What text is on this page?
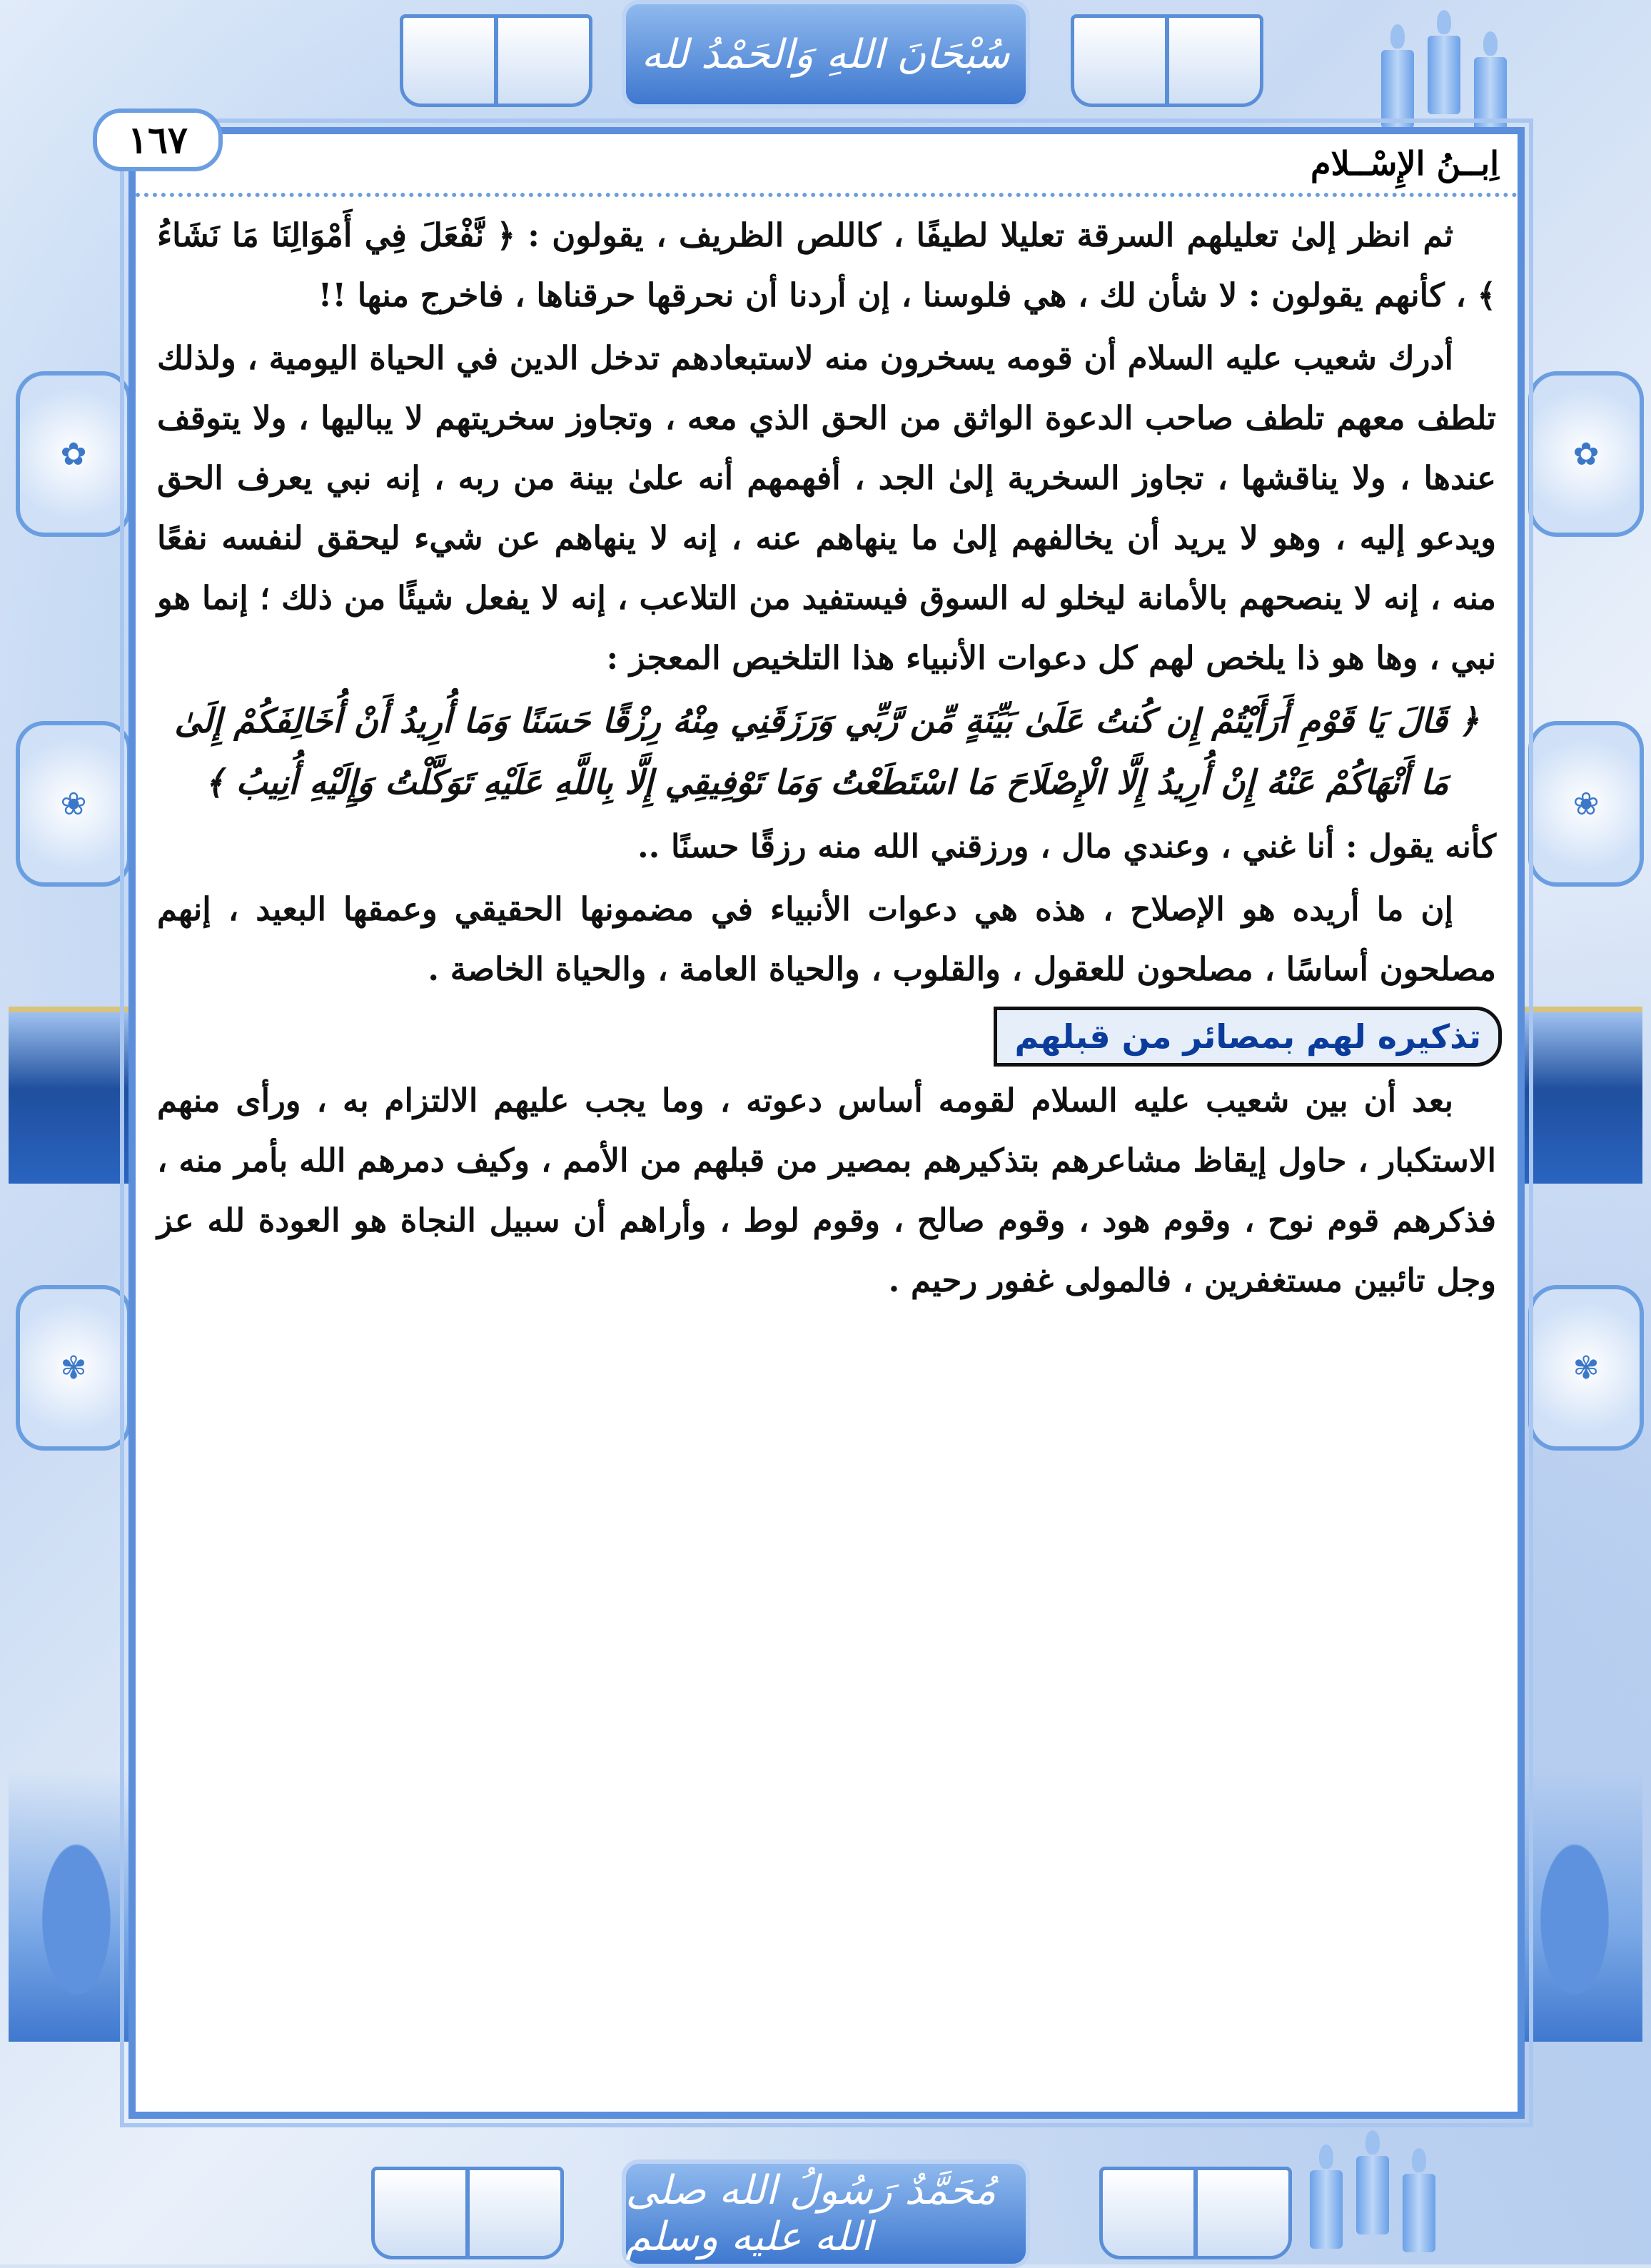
سُبْحَانَ اللهِ وَالحَمْدُ لله
✿
❀
✾
✿
❀
✾
اِبــنُ الإِسْــلام

ثم انظر إلىٰ تعليلهم السرقة تعليلا لطيفًا ، كاللص الظريف ، يقولون : ﴿ نَّفْعَلَ فِي أَمْوَالِنَا مَا نَشَاءُ ﴾ ، كأنهم يقولون : لا شأن لك ، هي فلوسنا ، إن أردنا أن نحرقها حرقناها ، فاخرج منها !!

أدرك شعيب عليه السلام أن قومه يسخرون منه لاستبعادهم تدخل الدين في الحياة اليومية ، ولذلك تلطف معهم تلطف صاحب الدعوة الواثق من الحق الذي معه ، وتجاوز سخريتهم لا يباليها ، ولا يتوقف عندها ، ولا يناقشها ، تجاوز السخرية إلىٰ الجد ، أفهمهم أنه علىٰ بينة من ربه ، إنه نبي يعرف الحق ويدعو إليه ، وهو لا يريد أن يخالفهم إلىٰ ما ينهاهم عنه ، إنه لا ينهاهم عن شيء ليحقق لنفسه نفعًا منه ، إنه لا ينصحهم بالأمانة ليخلو له السوق فيستفيد من التلاعب ، إنه لا يفعل شيئًا من ذلك ؛ إنما هو نبي ، وها هو ذا يلخص لهم كل دعوات الأنبياء هذا التلخيص المعجز :

﴿ قَالَ يَا قَوْمِ أَرَأَيْتُمْ إِن كُنتُ عَلَىٰ بَيِّنَةٍ مِّن رَّبِّي وَرَزَقَنِي مِنْهُ رِزْقًا حَسَنًا وَمَا أُرِيدُ أَنْ أُخَالِفَكُمْ إِلَىٰ مَا أَنْهَاكُمْ عَنْهُ إِنْ أُرِيدُ إِلَّا الْإِصْلَاحَ مَا اسْتَطَعْتُ وَمَا تَوْفِيقِي إِلَّا بِاللَّهِ عَلَيْهِ تَوَكَّلْتُ وَإِلَيْهِ أُنِيبُ ﴾

كأنه يقول : أنا غني ، وعندي مال ، ورزقني الله منه رزقًا حسنًا ..

إن ما أريده هو الإصلاح ، هذه هي دعوات الأنبياء في مضمونها الحقيقي وعمقها البعيد ، إنهم مصلحون أساسًا ، مصلحون للعقول ، والقلوب ، والحياة العامة ، والحياة الخاصة .

تذكيره لهم بمصائر من قبلهم

بعد أن بين شعيب عليه السلام لقومه أساس دعوته ، وما يجب عليهم الالتزام به ، ورأى منهم الاستكبار ، حاول إيقاظ مشاعرهم بتذكيرهم بمصير من قبلهم من الأمم ، وكيف دمرهم الله بأمر منه ، فذكرهم قوم نوح ، وقوم هود ، وقوم صالح ، وقوم لوط ، وأراهم أن سبيل النجاة هو العودة لله عز وجل تائبين مستغفرين ، فالمولى غفور رحيم .

١٦٧
مُحَمَّدٌ رَسُولُ الله صلى الله عليه وسلم
